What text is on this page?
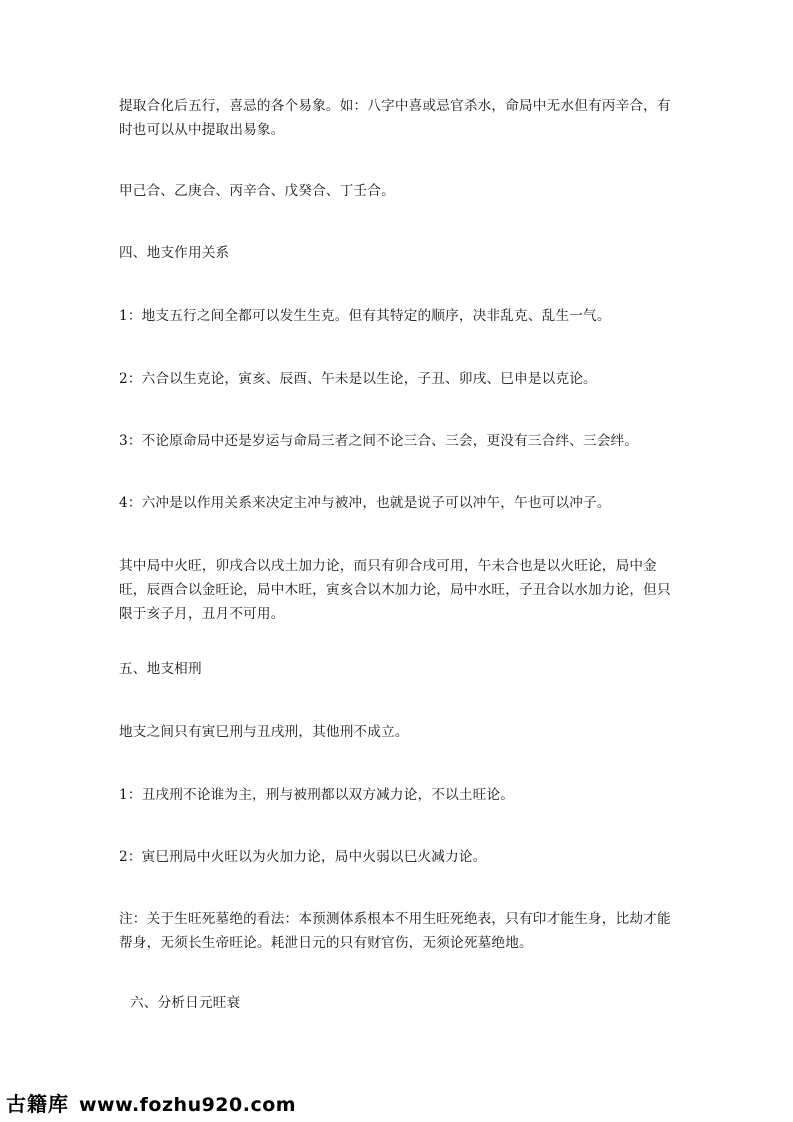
提取合化后五行，喜忌的各个易象。如：八字中喜或忌官杀水，命局中无水但有丙辛合，有时也可以从中提取出易象。

甲己合、乙庚合、丙辛合、戊癸合、丁壬合。

四、地支作用关系

1：地支五行之间全都可以发生生克。但有其特定的顺序，决非乱克、乱生一气。

2：六合以生克论，寅亥、辰酉、午未是以生论，子丑、卯戌、巳申是以克论。

3：不论原命局中还是岁运与命局三者之间不论三合、三会，更没有三合绊、三会绊。

4：六冲是以作用关系来决定主冲与被冲，也就是说子可以冲午，午也可以冲子。

其中局中火旺，卯戌合以戌土加力论，而只有卯合戌可用，午未合也是以火旺论，局中金旺，辰酉合以金旺论，局中木旺，寅亥合以木加力论，局中水旺，子丑合以水加力论，但只限于亥子月，丑月不可用。

五、地支相刑

地支之间只有寅巳刑与丑戌刑，其他刑不成立。

1：丑戌刑不论谁为主，刑与被刑都以双方减力论，不以土旺论。

2：寅巳刑局中火旺以为火加力论，局中火弱以巳火减力论。

注：关于生旺死墓绝的看法：本预测体系根本不用生旺死绝表，只有印才能生身，比劫才能帮身，无须长生帝旺论。耗泄日元的只有财官伤，无须论死墓绝地。

六、分析日元旺衰

古籍库 www.fozhu920.com
